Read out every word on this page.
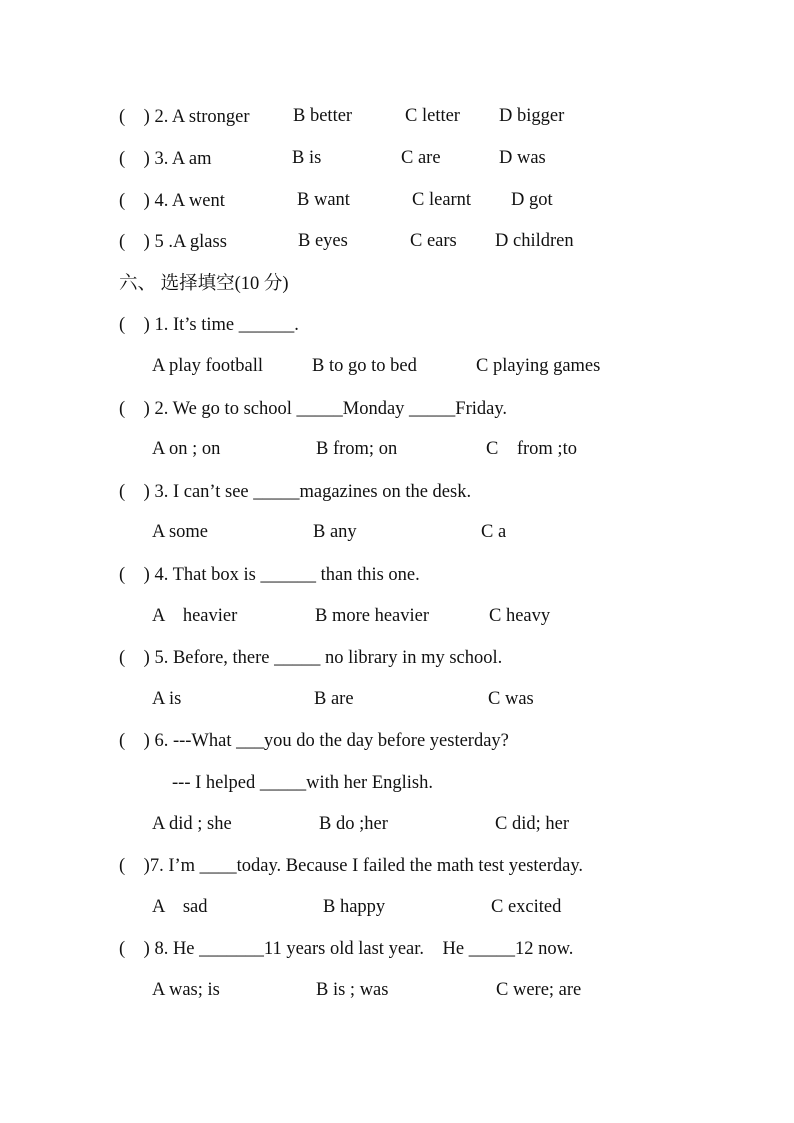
(    ) 2. A stronger B better	C letter D bigger
(    ) 3. A am	B is	C are	D was
(    ) 4. A went	B want	C learnt D got
(    ) 5 .A glass	B eyes	C ears D children
六、 选择填空(10 分)
(    ) 1. It’s time ______.
A play football	B to go to bed	C playing games
(    ) 2. We go to school _____Monday _____Friday.
A on ; on	B from; on	C    from ;to
(    ) 3. I can’t see _____magazines on the desk.
A some	B any	C a
(    ) 4. That box is ______ than this one.
A    heavier	B more heavier	C heavy
(    ) 5. Before, there _____ no library in my school.
A is	B are	C was
(    ) 6. ---What ___you do the day before yesterday?
--- I helped _____with her English.
A did ; she	B do ;her	C did; her
(    )7. I’m ____today. Because I failed the math test yesterday.
A    sad	B happy	C excited
(    ) 8. He _______11 years old last year.    He _____12 now.
A was; is	B is ; was	C were; are
